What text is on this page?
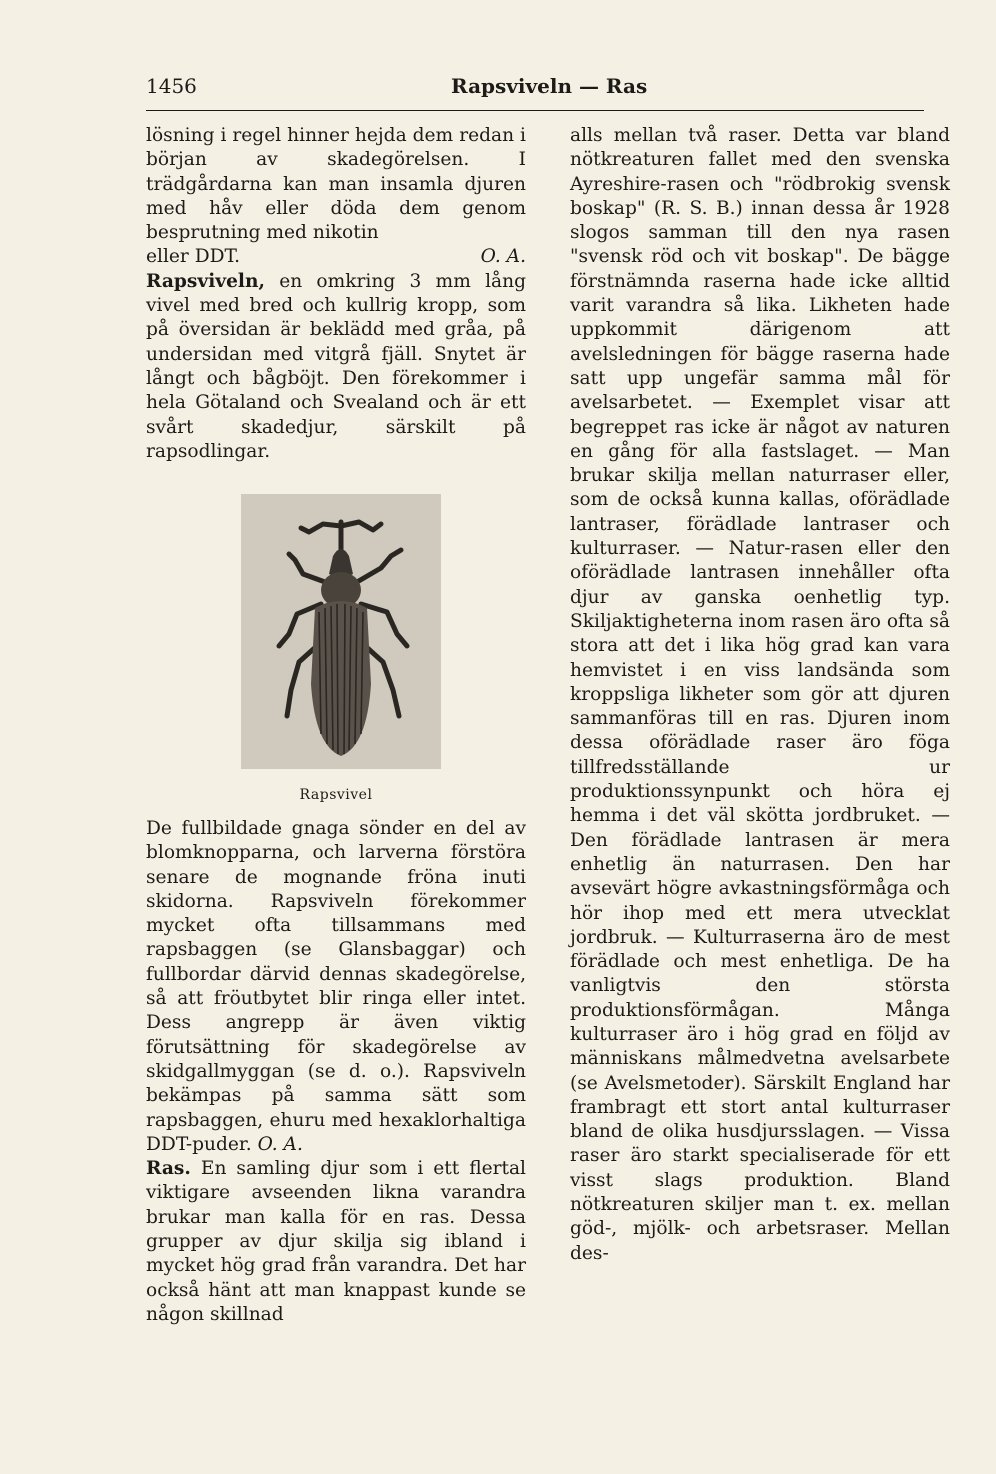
1456	Rapsviveln — Ras

lösning i regel hinner hejda dem redan i början av skadegörelsen. I trädgårdarna kan man insamla djuren med håv eller döda dem genom besprutning med nikotin

eller DDT.	O. A.

Rapsviveln, en omkring 3 mm lång vivel med bred och kullrig kropp, som på översidan är beklädd med gråa, på undersidan med vitgrå fjäll. Snytet är långt och bågböjt. Den förekommer i hela Götaland och Svealand och är ett svårt skadedjur, särskilt på rapsodlingar.

Rapsvivel

De fullbildade gnaga sönder en del av blomknopparna, och larverna förstöra senare de mognande fröna inuti skidorna. Rapsviveln förekommer mycket ofta tillsammans med rapsbaggen (se Glansbaggar) och fullbordar därvid dennas skadegörelse, så att fröutbytet blir ringa eller intet. Dess angrepp är även viktig förutsättning för skadegörelse av skidgallmyggan (se d. o.). Rapsviveln bekämpas på samma sätt som rapsbaggen, ehuru med hexaklorhaltiga DDT-puder. O. A.

Ras. En samling djur som i ett flertal viktigare avseenden likna varandra brukar man kalla för en ras. Dessa grupper av djur skilja sig ibland i mycket hög grad från varandra. Det har också hänt att man knappast kunde se någon skillnad

alls mellan två raser. Detta var bland nötkreaturen fallet med den svenska Ayreshire-rasen och "rödbrokig svensk boskap" (R. S. B.) innan dessa år 1928 slogos samman till den nya rasen "svensk röd och vit boskap". De bägge förstnämnda raserna hade icke alltid varit varandra så lika. Likheten hade uppkommit därigenom att avelsledningen för bägge raserna hade satt upp ungefär samma mål för avelsarbetet. — Exemplet visar att begreppet ras icke är något av naturen en gång för alla fastslaget. — Man brukar skilja mellan naturraser eller, som de också kunna kallas, oförädlade lantraser, förädlade lantraser och kulturraser. — Natur-rasen eller den oförädlade lantrasen innehåller ofta djur av ganska oenhetlig typ. Skiljaktigheterna inom rasen äro ofta så stora att det i lika hög grad kan vara hemvistet i en viss landsända som kroppsliga likheter som gör att djuren sammanföras till en ras. Djuren inom dessa oförädlade raser äro föga tillfredsställande ur produktionssynpunkt och höra ej hemma i det väl skötta jordbruket. — Den förädlade lantrasen är mera enhetlig än naturrasen. Den har avsevärt högre avkastningsförmåga och hör ihop med ett mera utvecklat jordbruk. — Kulturraserna äro de mest förädlade och mest enhetliga. De ha vanligtvis den största produktionsförmågan. Många kulturraser äro i hög grad en följd av människans målmedvetna avelsarbete (se Avelsmetoder). Särskilt England har frambragt ett stort antal kulturraser bland de olika husdjursslagen. — Vissa raser äro starkt specialiserade för ett visst slags produktion. Bland nötkreaturen skiljer man t. ex. mellan göd-, mjölk- och arbetsraser. Mellan des-
